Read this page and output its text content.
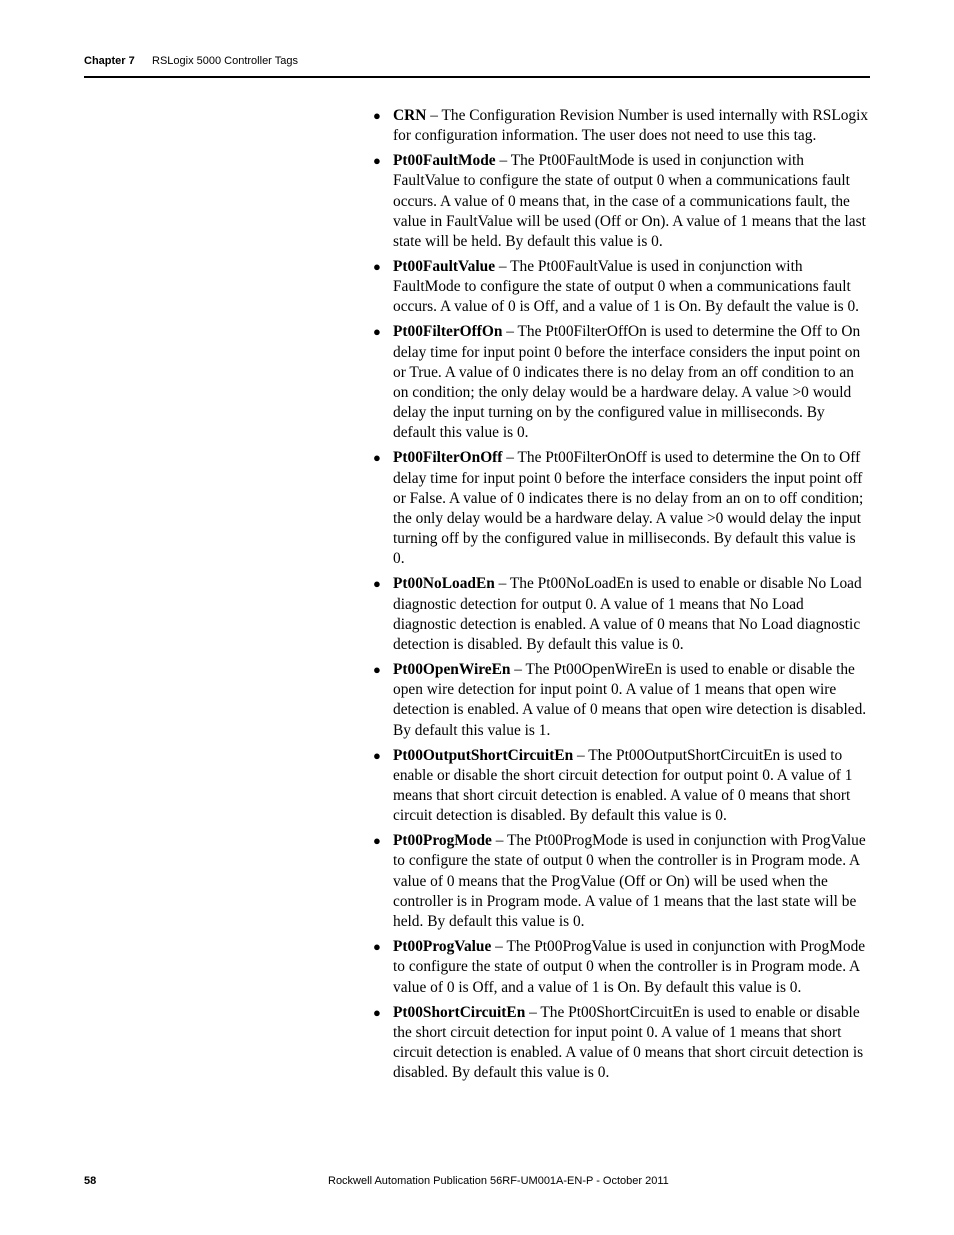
Chapter 7 RSLogix 5000 Controller Tags
● CRN – The Configuration Revision Number is used internally with RSLogix for configuration information. The user does not need to use this tag.
● Pt00FaultMode – The Pt00FaultMode is used in conjunction with FaultValue to configure the state of output 0 when a communications fault occurs. A value of 0 means that, in the case of a communications fault, the value in FaultValue will be used (Off or On). A value of 1 means that the last state will be held. By default this value is 0.
● Pt00FaultValue – The Pt00FaultValue is used in conjunction with FaultMode to configure the state of output 0 when a communications fault occurs. A value of 0 is Off, and a value of 1 is On. By default the value is 0.
● Pt00FilterOffOn – The Pt00FilterOffOn is used to determine the Off to On delay time for input point 0 before the interface considers the input point on or True. A value of 0 indicates there is no delay from an off condition to an on condition; the only delay would be a hardware delay. A value >0 would delay the input turning on by the configured value in milliseconds. By default this value is 0.
● Pt00FilterOnOff – The Pt00FilterOnOff is used to determine the On to Off delay time for input point 0 before the interface considers the input point off or False. A value of 0 indicates there is no delay from an on to off condition; the only delay would be a hardware delay. A value >0 would delay the input turning off by the configured value in milliseconds. By default this value is 0.
● Pt00NoLoadEn – The Pt00NoLoadEn is used to enable or disable No Load diagnostic detection for output 0. A value of 1 means that No Load diagnostic detection is enabled. A value of 0 means that No Load diagnostic detection is disabled. By default this value is 0.
● Pt00OpenWireEn – The Pt00OpenWireEn is used to enable or disable the open wire detection for input point 0. A value of 1 means that open wire detection is enabled. A value of 0 means that open wire detection is disabled. By default this value is 1.
● Pt00OutputShortCircuitEn – The Pt00OutputShortCircuitEn is used to enable or disable the short circuit detection for output point 0. A value of 1 means that short circuit detection is enabled. A value of 0 means that short circuit detection is disabled. By default this value is 0.
● Pt00ProgMode – The Pt00ProgMode is used in conjunction with ProgValue to configure the state of output 0 when the controller is in Program mode. A value of 0 means that the ProgValue (Off or On) will be used when the controller is in Program mode. A value of 1 means that the last state will be held. By default this value is 0.
● Pt00ProgValue – The Pt00ProgValue is used in conjunction with ProgMode to configure the state of output 0 when the controller is in Program mode. A value of 0 is Off, and a value of 1 is On. By default this value is 0.
● Pt00ShortCircuitEn – The Pt00ShortCircuitEn is used to enable or disable the short circuit detection for input point 0. A value of 1 means that short circuit detection is enabled. A value of 0 means that short circuit detection is disabled. By default this value is 0.
58	Rockwell Automation Publication 56RF-UM001A-EN-P - October 2011
